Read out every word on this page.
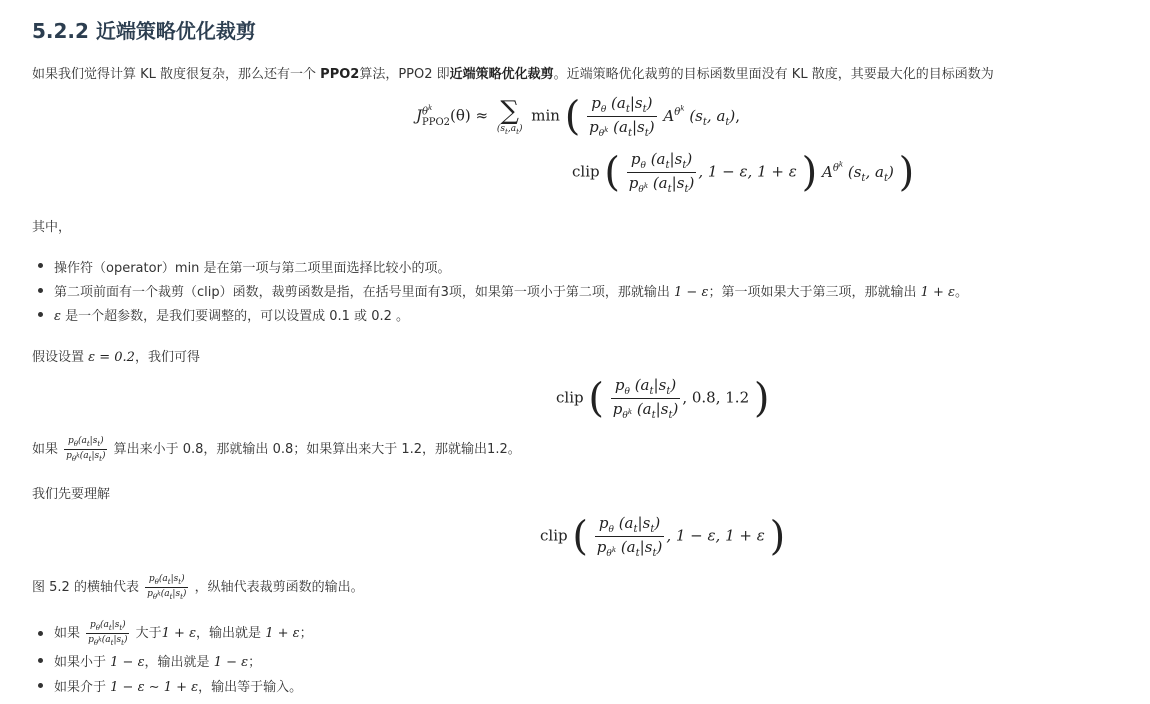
5.2.2 近端策略优化裁剪
如果我们觉得计算 KL 散度很复杂，那么还有一个 PPO2算法，PPO2 即近端策略优化裁剪。近端策略优化裁剪的目标函数里面没有 KL 散度，其要最大化的目标函数为
J $\theta^k$
PPO2 (θ) ≈ ∑
$(s_t,a_t)$
min ( $\frac{p_\theta (a_t|s_t)}{p_{\theta^k} (a_t|s_t)} A^{\theta^k}$ ($s_t$, $a_t$),
clip ( $\frac{p_\theta (a_t|s_t)}{p_{\theta^k} (a_t|s_t)}$ , 1 − ε, 1 + ε ) $A^{\theta^k}$ ($s_t$, $a_t$) )
其中，
操作符（operator）min 是在第一项与第二项里面选择比较小的项。
第二项前面有一个裁剪（clip）函数，裁剪函数是指，在括号里面有3项，如果第一项小于第二项，那就输出 1 − ε；第一项如果大于第三项，那就输出 1 + ε。
ε 是一个超参数，是我们要调整的，可以设置成 0.1 或 0.2 。
假设设置 ε = 0.2，我们可得
clip ( $\frac{p_\theta (a_t|s_t)}{p_{\theta^k} (a_t|s_t)}$ , 0.8, 1.2 )
如果 $\frac{p_\theta(a_t|s_t)}{p_{\theta^k}(a_t|s_t)}$ 算出来小于 0.8，那就输出 0.8；如果算出来大于 1.2，那就输出1.2。
我们先要理解
clip ( $\frac{p_\theta (a_t|s_t)}{p_{\theta^k} (a_t|s_t)}$ , 1 − ε, 1 + ε )
图 5.2 的横轴代表 $\frac{p_\theta(a_t|s_t)}{p_{\theta^k}(a_t|s_t)}$ ，纵轴代表裁剪函数的输出。
如果 $\frac{p_\theta(a_t|s_t)}{p_{\theta^k}(a_t|s_t)}$ 大于1 + ε，输出就是 1 + ε；
如果小于 1 − ε，输出就是 1 − ε；
如果介于 1 − ε ∼ 1 + ε，输出等于输入。
